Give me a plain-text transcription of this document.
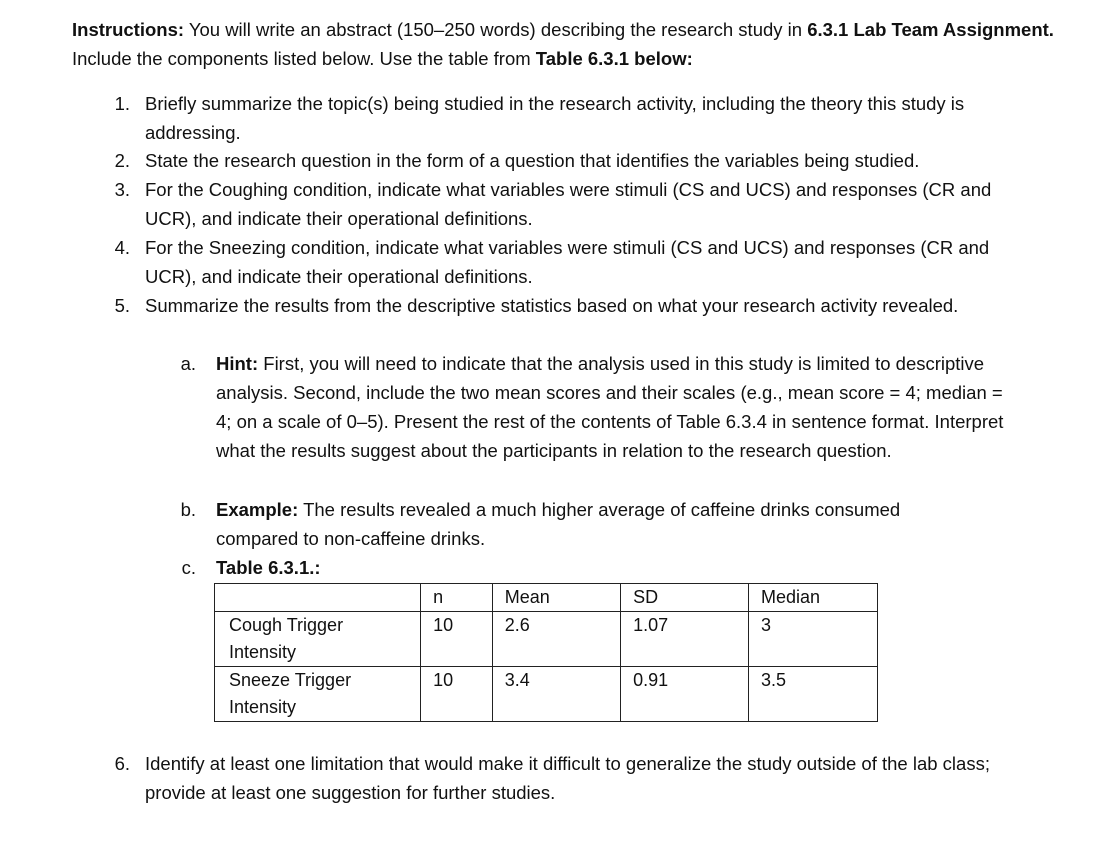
Instructions: You will write an abstract (150–250 words) describing the research study in 6.3.1 Lab Team Assignment. Include the components listed below. Use the table from Table 6.3.1 below:
1. Briefly summarize the topic(s) being studied in the research activity, including the theory this study is addressing.
2. State the research question in the form of a question that identifies the variables being studied.
3. For the Coughing condition, indicate what variables were stimuli (CS and UCS) and responses (CR and UCR), and indicate their operational definitions.
4. For the Sneezing condition, indicate what variables were stimuli (CS and UCS) and responses (CR and UCR), and indicate their operational definitions.
5. Summarize the results from the descriptive statistics based on what your research activity revealed.
a. Hint: First, you will need to indicate that the analysis used in this study is limited to descriptive analysis. Second, include the two mean scores and their scales (e.g., mean score = 4; median = 4; on a scale of 0–5). Present the rest of the contents of Table 6.3.4 in sentence format. Interpret what the results suggest about the participants in relation to the research question.
b. Example: The results revealed a much higher average of caffeine drinks consumed compared to non-caffeine drinks.
c. Table 6.3.1.:
	n	Mean	SD	Median

Cough Trigger
Intensity	10	2.6	1.07	3

Sneeze Trigger
Intensity	10	3.4	0.91	3.5
6. Identify at least one limitation that would make it difficult to generalize the study outside of the lab class; provide at least one suggestion for further studies.
